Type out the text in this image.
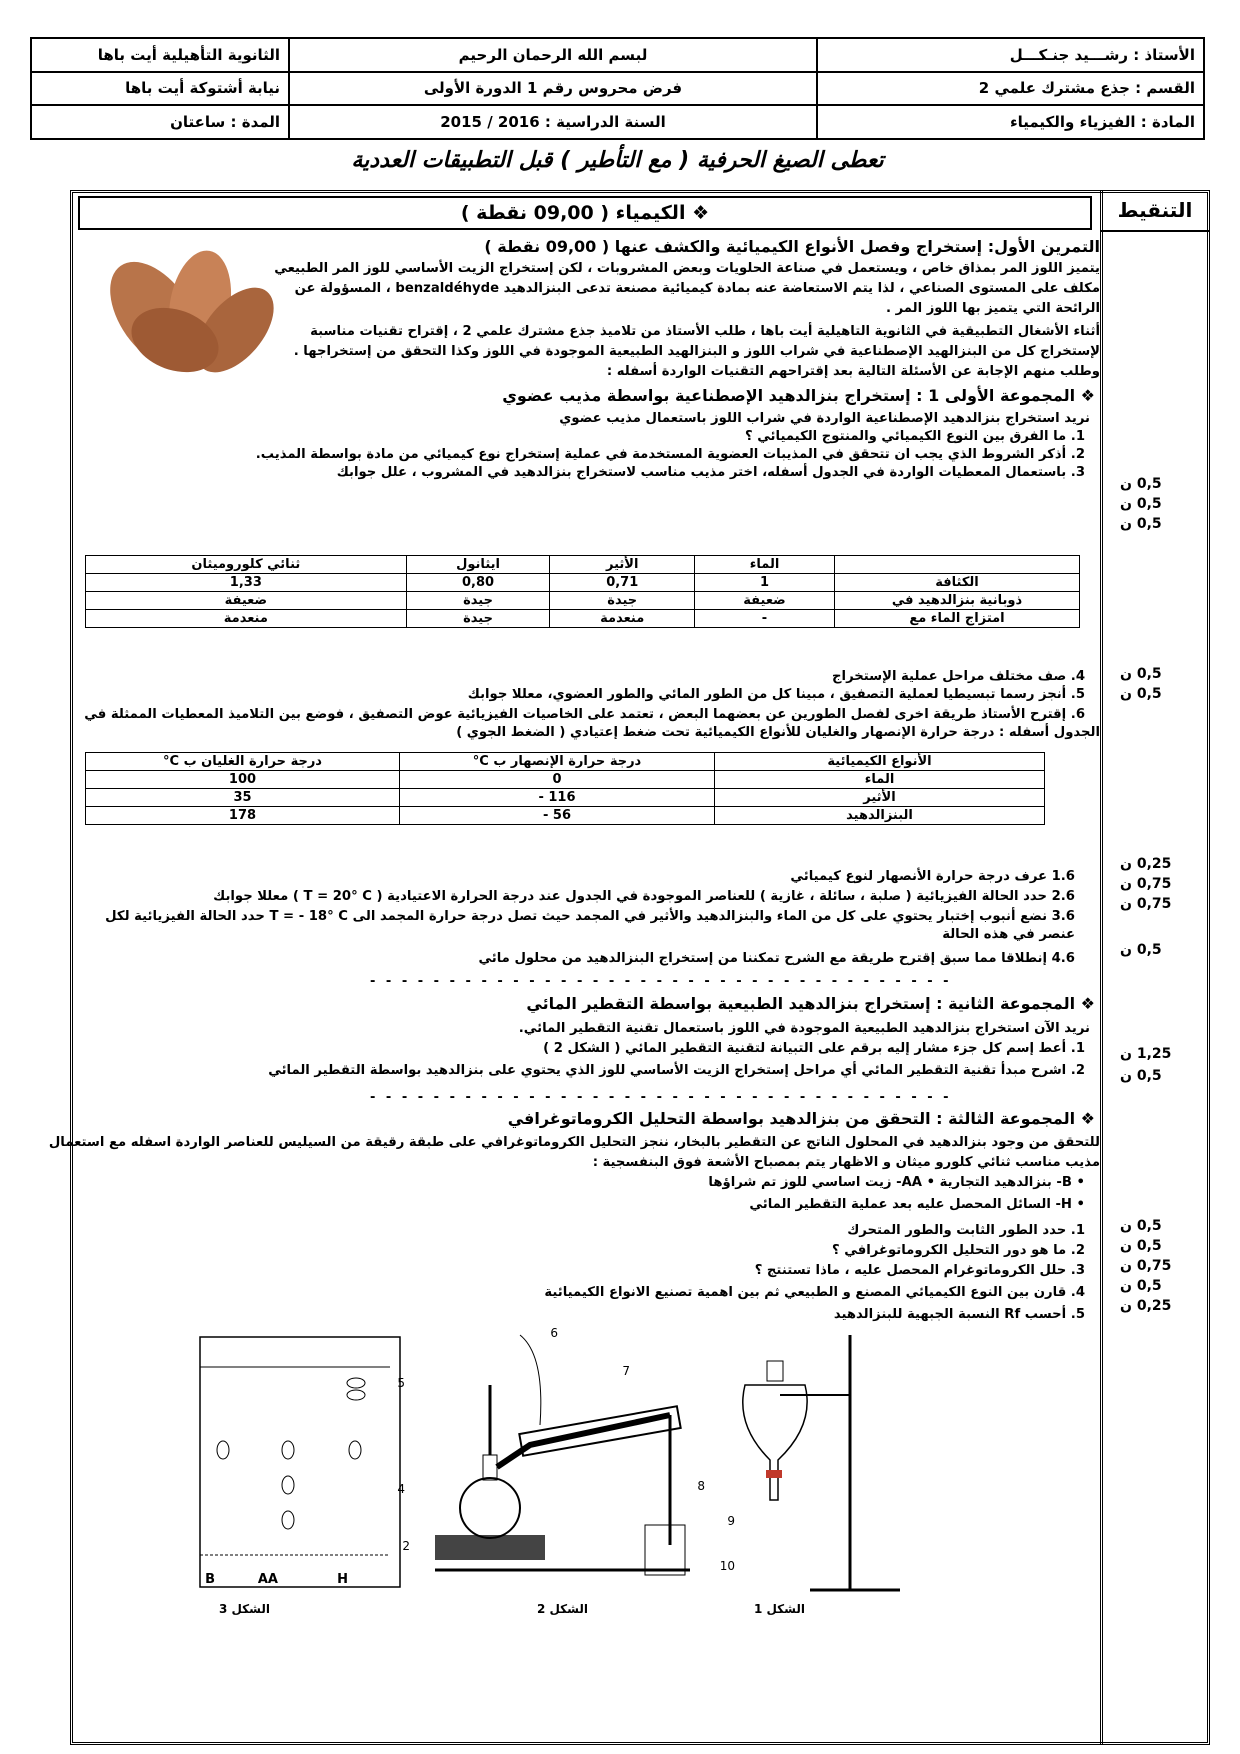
الأستاذ : رشـــيد جنـكـــل	لبسم الله الرحمان الرحيم	الثانوية التأهيلية أيت باها
القسم : جذع مشترك علمي 2	فرض محروس رقم 1 الدورة الأولى	نيابة أشتوكة أيت باها
المادة : الفيزياء والكيمياء	السنة الدراسية : 2016 / 2015	المدة : ساعتان
تعطى الصيغ الحرفية ( مع التأطير ) قبل التطبيقات العددية
التنقيط
❖ الكيمياء ( 09,00 نقطة )
التمرين الأول: إستخراج وفصل الأنواع الكيميائية والكشف عنها ( 09,00 نقطة )
يتميز اللوز المر بمذاق خاص ، ويستعمل في صناعة الحلويات وبعض المشروبات ، لكن إستخراج الزيت الأساسي للوز المر الطبيعي
مكلف على المستوى الصناعي ، لذا يتم الاستعاضة عنه بمادة كيميائية مصنعة تدعى البنزالدهيد benzaldéhyde ، المسؤولة عن
الرائحة التي يتميز بها اللوز المر .
أثناء الأشغال التطبيقية في الثانوية التاهيلية أيت باها ، طلب الأستاذ من تلاميذ جذع مشترك علمي 2 ، إقتراح تقنيات مناسبة
لإستخراج كل من البنزالهيد الإصطناعية في شراب اللوز و البنزالهيد الطبيعية الموجودة في اللوز وكذا التحقق من إستخراجها .
وطلب منهم الإجابة عن الأسئلة التالية بعد إقتراحهم التقنيات الواردة أسفله :
❖ المجموعة الأولى 1 : إستخراج بنزالدهيد الإصطناعية بواسطة مذيب عضوي
نريد استخراج بنزالدهيد الإصطناعية الواردة في شراب اللوز باستعمال مذيب عضوي
1. ما الفرق بين النوع الكيميائي والمنتوج الكيميائي ؟
2. أذكر الشروط الذي يجب ان تتحقق في المذيبات العضوية المستخدمة في عملية إستخراج نوع كيميائي من مادة بواسطة المذيب.
3. باستعمال المعطيات الواردة في الجدول أسفله، اختر مذيب مناسب لاستخراج بنزالدهيد في المشروب ، علل جوابك
	الماء	الأثير	ايثانول	ثنائي كلوروميثان
الكثافة	1	0,71	0,80	1,33
ذوبانية بنزالدهيد في	ضعيفة	جيدة	جيدة	ضعيفة
امتزاج الماء مع	-	منعدمة	جيدة	منعدمة
4. صف مختلف مراحل عملية الإستخراج
5. أنجز رسما تبسيطيا لعملية التصفيق ، مبينا كل من الطور المائي والطور العضوي، معللا جوابك
6. إقترح الأستاذ طريقة اخرى لفصل الطورين عن بعضهما البعض ، تعتمد على الخاصيات الفيزيائية عوض التصفيق ، فوضع بين التلاميذ المعطيات الممثلة في
الجدول أسفله : درجة حرارة الإنصهار والغليان للأنواع الكيميائية تحت ضغط إعتيادي ( الضغط الجوي )
الأنواع الكيميائية	درجة حرارة الإنصهار ب C°	درجة حرارة الغليان ب C°
الماء	0	100
الأثير	116 -	35
البنزالدهيد	56 -	178
1.6 عرف درجة حرارة الأنصهار لنوع كيميائي
2.6 حدد الحالة الفيزيائية ( صلبة ، سائلة ، غازية ) للعناصر الموجودة في الجدول عند درجة الحرارة الاعتيادية ( T = 20° C ) معللا جوابك
3.6 نضع أنبوب إختبار يحتوي على كل من الماء والبنزالدهيد والأثير في المجمد حيث تصل درجة حرارة المجمد الى T = - 18° C حدد الحالة الفيزيائية لكل
عنصر في هذه الحالة
4.6 إنطلاقا مما سبق إقترح طريقة مع الشرح تمكننا من إستخراج البنزالدهيد من محلول مائي
- - - - - - - - - - - - - - - - - - - - - - - - - - - - - - - - - - - - -
❖ المجموعة الثانية : إستخراج بنزالدهيد الطبيعية بواسطة التقطير المائي
نريد الآن استخراج بنزالدهيد الطبيعية الموجودة في اللوز باستعمال تقنية التقطير المائي.
1. أعط إسم كل جزء مشار إليه برقم على التبيانة لتقنية التقطير المائي ( الشكل 2 )
2. اشرح مبدأ تقنية التقطير المائي أي مراحل إستخراج الزيت الأساسي للوز الذي يحتوي على بنزالدهيد بواسطة التقطير المائي
- - - - - - - - - - - - - - - - - - - - - - - - - - - - - - - - - - - - -
❖ المجموعة الثالثة : التحقق من بنزالدهيد بواسطة التحليل الكروماتوغرافي
للتحقق من وجود بنزالدهيد في المحلول الناتج عن التقطير بالبخار، ننجز التحليل الكروماتوغرافي على طبقة رقيقة من السيليس للعناصر الواردة اسفله مع استعمال
مذيب مناسب ثنائي كلورو ميثان و الاظهار يتم بمصباح الأشعة فوق البنفسجية :
• B- بنزالدهيد التجارية • AA- زيت اساسي للوز تم شراؤها
• H- السائل المحصل عليه بعد عملية التقطير المائي
1. حدد الطور الثابت والطور المتحرك
2. ما هو دور التحليل الكروماتوغرافي ؟
3. حلل الكروماتوغرام المحصل عليه ، ماذا تستنتج ؟
4. قارن بين النوع الكيميائي المصنع و الطبيعي ثم بين اهمية تصنيع الانواع الكيميائية
5. أحسب Rf النسبة الجبهية للبنزالدهيد
0,5 ن
0,5 ن
0,5 ن
0,5 ن
0,5 ن
0,25 ن
0,75 ن
0,75 ن
0,5 ن
1,25 ن
0,5 ن
0,5 ن
0,5 ن
0,75 ن
0,5 ن
0,25 ن
B	AA	H
الشكل 3
5
6
7
8
4
2
9
10
الشكل 2	الشكل 1
